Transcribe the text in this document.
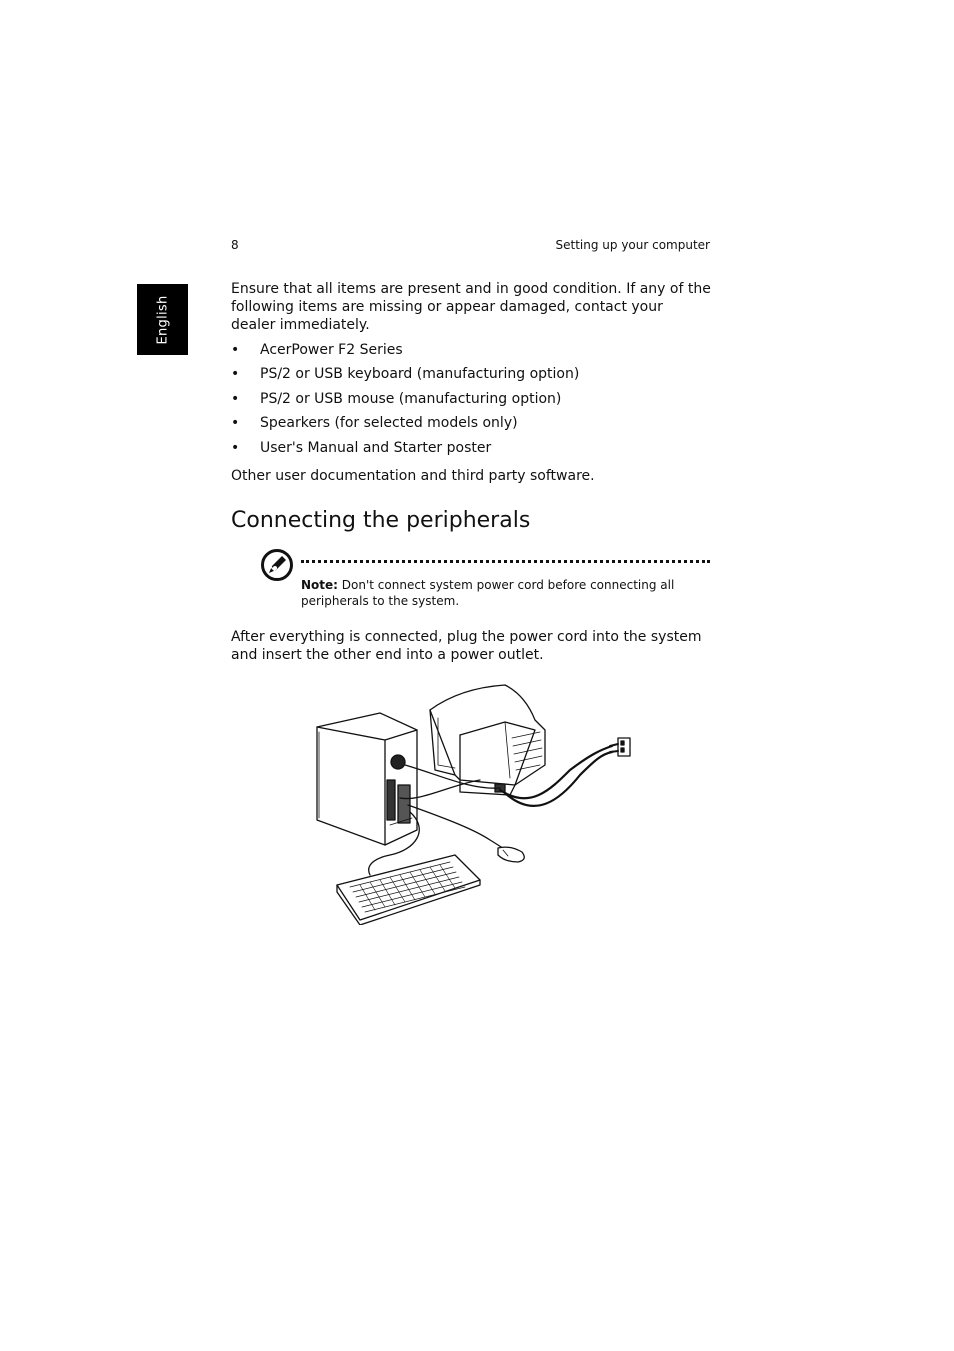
8	Setting up your computer
English

Ensure that all items are present and in good condition. If any of the following items are missing or appear damaged, contact your dealer immediately.

• AcerPower F2 Series
• PS/2 or USB keyboard (manufacturing option)
• PS/2 or USB mouse (manufacturing option)
• Spearkers (for selected models only)
• User's Manual and Starter poster

Other user documentation and third party software.

Connecting the peripherals
Note: Don't connect system power cord before connecting all peripherals to the system.

After everything is connected, plug the power cord into the system and insert the other end into a power outlet.
